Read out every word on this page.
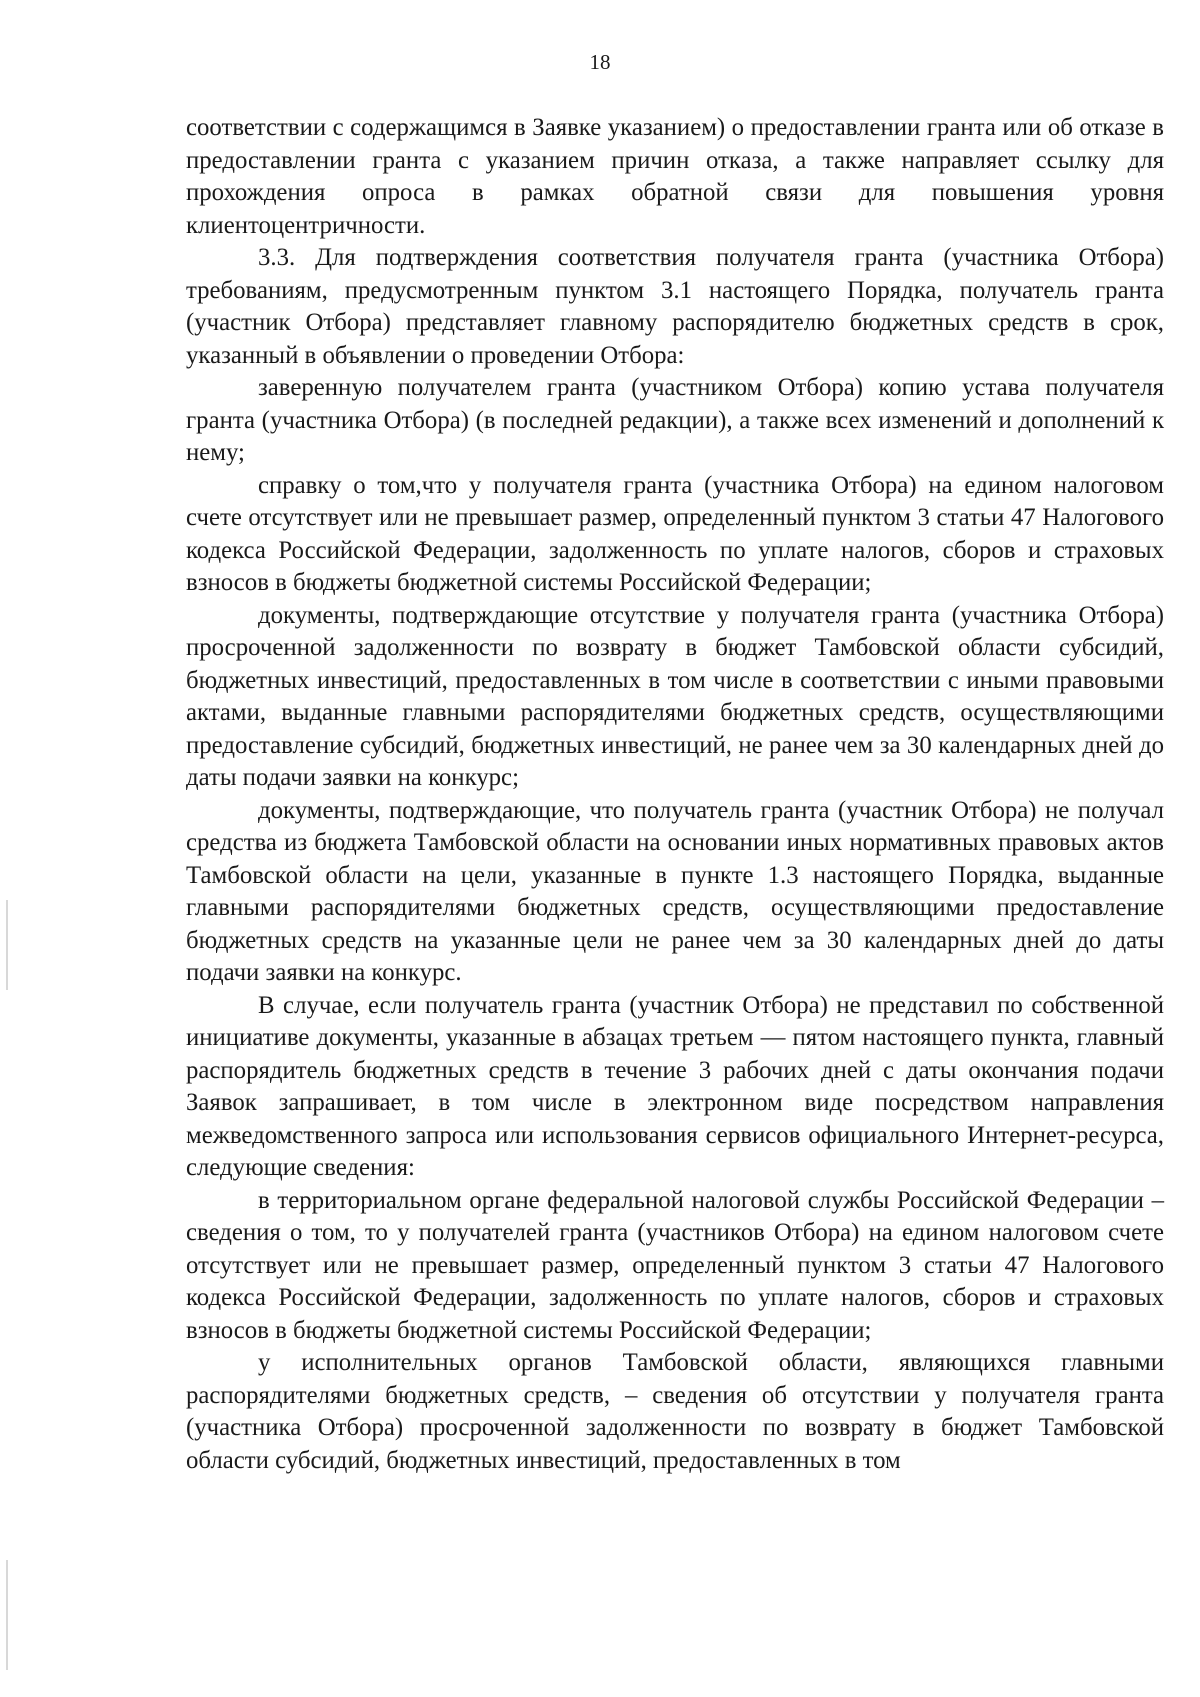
18

соответствии с содержащимся в Заявке указанием) о предоставлении гранта или об отказе в предоставлении гранта с указанием причин отказа, а также направляет ссылку для прохождения опроса в рамках обратной связи для повышения уровня клиентоцентричности.

3.3. Для подтверждения соответствия получателя гранта (участника Отбора) требованиям, предусмотренным пунктом 3.1 настоящего Порядка, получатель гранта (участник Отбора) представляет главному распорядителю бюджетных средств в срок, указанный в объявлении о проведении Отбора:

заверенную получателем гранта (участником Отбора) копию устава получателя гранта (участника Отбора) (в последней редакции), а также всех изменений и дополнений к нему;

справку о том,что у получателя гранта (участника Отбора) на едином налоговом счете отсутствует или не превышает размер, определенный пунктом 3 статьи 47 Налогового кодекса Российской Федерации, задолженность по уплате налогов, сборов и страховых взносов в бюджеты бюджетной системы Российской Федерации;

документы, подтверждающие отсутствие у получателя гранта (участника Отбора) просроченной задолженности по возврату в бюджет Тамбовской области субсидий, бюджетных инвестиций, предоставленных в том числе в соответствии с иными правовыми актами, выданные главными распорядителями бюджетных средств, осуществляющими предоставление субсидий, бюджетных инвестиций, не ранее чем за 30 календарных дней до даты подачи заявки на конкурс;

документы, подтверждающие, что получатель гранта (участник Отбора) не получал средства из бюджета Тамбовской области на основании иных нормативных правовых актов Тамбовской области на цели, указанные в пункте 1.3 настоящего Порядка, выданные главными распорядителями бюджетных средств, осуществляющими предоставление бюджетных средств на указанные цели не ранее чем за 30 календарных дней до даты подачи заявки на конкурс.

В случае, если получатель гранта (участник Отбора) не представил по собственной инициативе документы, указанные в абзацах третьем — пятом настоящего пункта, главный распорядитель бюджетных средств в течение 3 рабочих дней с даты окончания подачи Заявок запрашивает, в том числе в электронном виде посредством направления межведомственного запроса или использования сервисов официального Интернет-ресурса, следующие сведения:

в территориальном органе федеральной налоговой службы Российской Федерации – сведения о том, то у получателей гранта (участников Отбора) на едином налоговом счете отсутствует или не превышает размер, определенный пунктом 3 статьи 47 Налогового кодекса Российской Федерации, задолженность по уплате налогов, сборов и страховых взносов в бюджеты бюджетной системы Российской Федерации;

у исполнительных органов Тамбовской области, являющихся главными распорядителями бюджетных средств, – сведения об отсутствии у получателя гранта (участника Отбора) просроченной задолженности по возврату в бюджет Тамбовской области субсидий, бюджетных инвестиций, предоставленных в том
